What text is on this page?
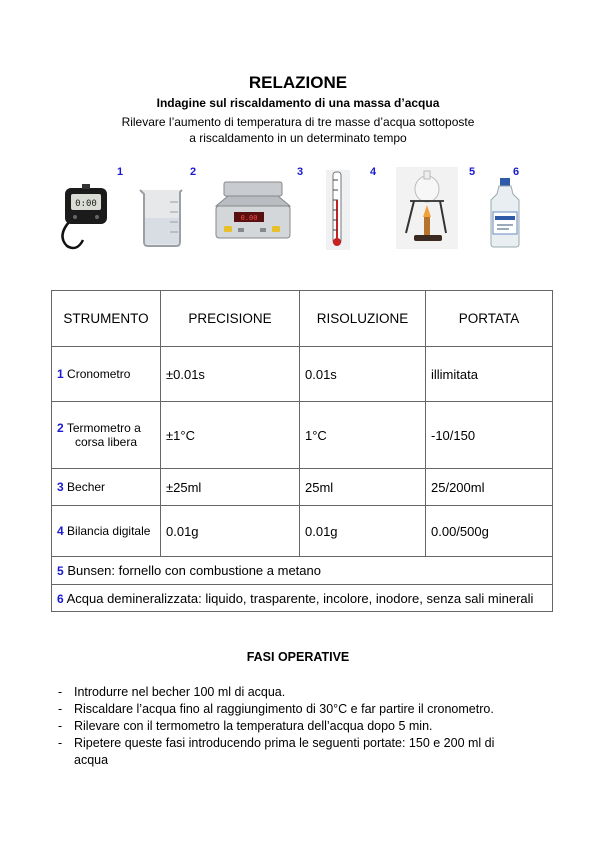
RELAZIONE
Indagine sul riscaldamento di una massa d’acqua
Rilevare l’aumento di temperatura di tre masse d’acqua sottoposte
a riscaldamento in un determinato tempo
1	2	3	4	5	6
0:00
0.00
STRUMENTO	PRECISIONE	RISOLUZIONE	PORTATA
1 Cronometro	±0.01s	0.01s	illimitata
2 Termometro a
corsa libera	±1°C	1°C	-10/150
3 Becher	±25ml	25ml	25/200ml
4 Bilancia digitale	0.01g	0.01g	0.00/500g
5 Bunsen: fornello con combustione a metano			
6 Acqua demineralizzata: liquido, trasparente, incolore, inodore, senza sali minerali			
FASI OPERATIVE
- Introdurre nel becher 100 ml di acqua.
- Riscaldare l’acqua fino al raggiungimento di 30°C e far partire il cronometro.
- Rilevare con il termometro la temperatura dell’acqua dopo 5 min.
- Ripetere queste fasi introducendo prima le seguenti portate: 150 e 200 ml di acqua
